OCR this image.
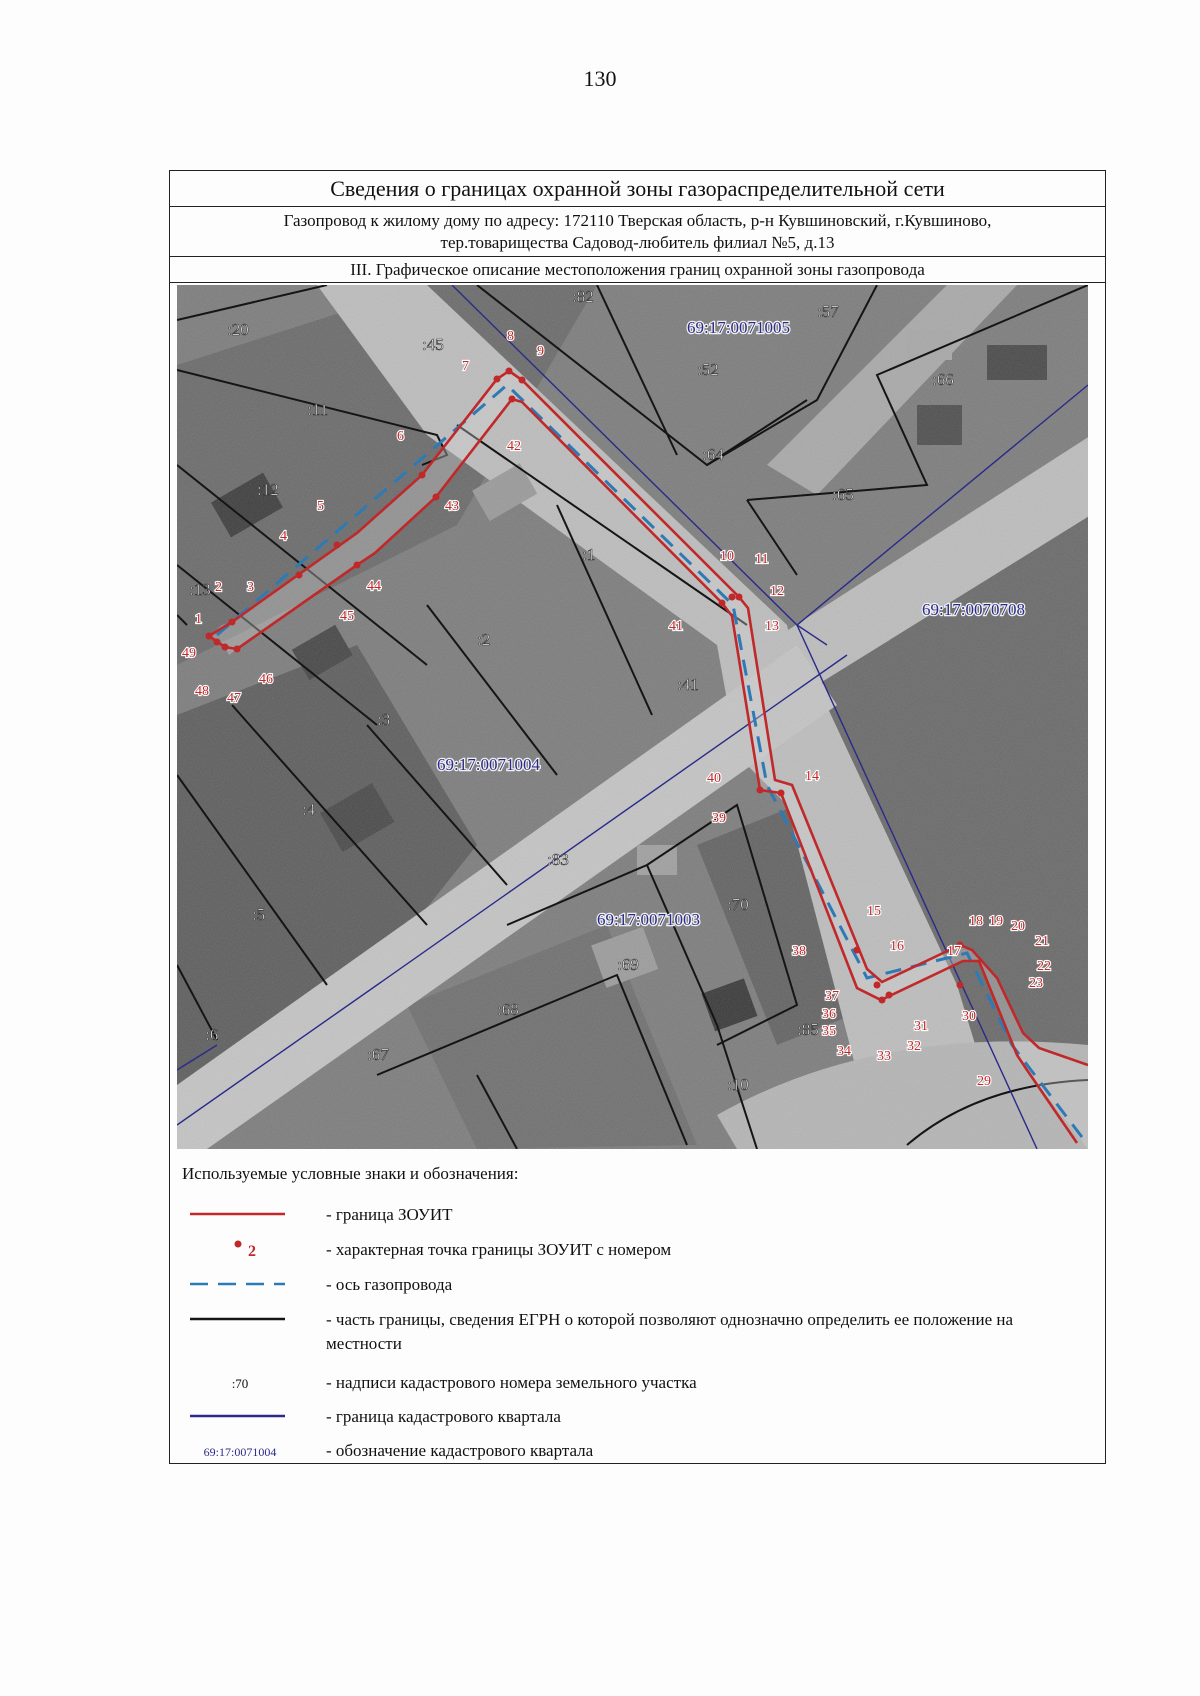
130
Сведения о границах охранной зоны газораспределительной сети
Газопровод к жилому дому по адресу: 172110 Тверская область, р-н Кувшиновский, г.Кувшиново,
тер.товарищества Садовод-любитель филиал №5, д.13
III. Графическое описание местоположения границ охранной зоны газопровода
1
2 3
4
5
6
7
8
9
10 11
12
13
14
15
16	17
18 19 20
21
22
23
29
30
31
32
33
34
35
36
37
38
39
40
41
42
43
44
45
46
47
48
49
:82
:57
:20
:45
:52
:66
:11
:64
:12	:65
:1
:13
:2
:41
:3
:4
:83
:70
:5
:69
:68
:85
:6
:67
:10
69:17:0071005
69:17:0070708
69:17:0071004
69:17:0071003
Используемые условные знаки и обозначения:
- граница ЗОУИТ
2	- характерная точка границы ЗОУИТ с номером
- ось газопровода
- часть границы, сведения ЕГРН о которой позволяют однозначно определить ее положение на местности
:70	- надписи кадастрового номера земельного участка
- граница кадастрового квартала
69:17:0071004	- обозначение кадастрового квартала
